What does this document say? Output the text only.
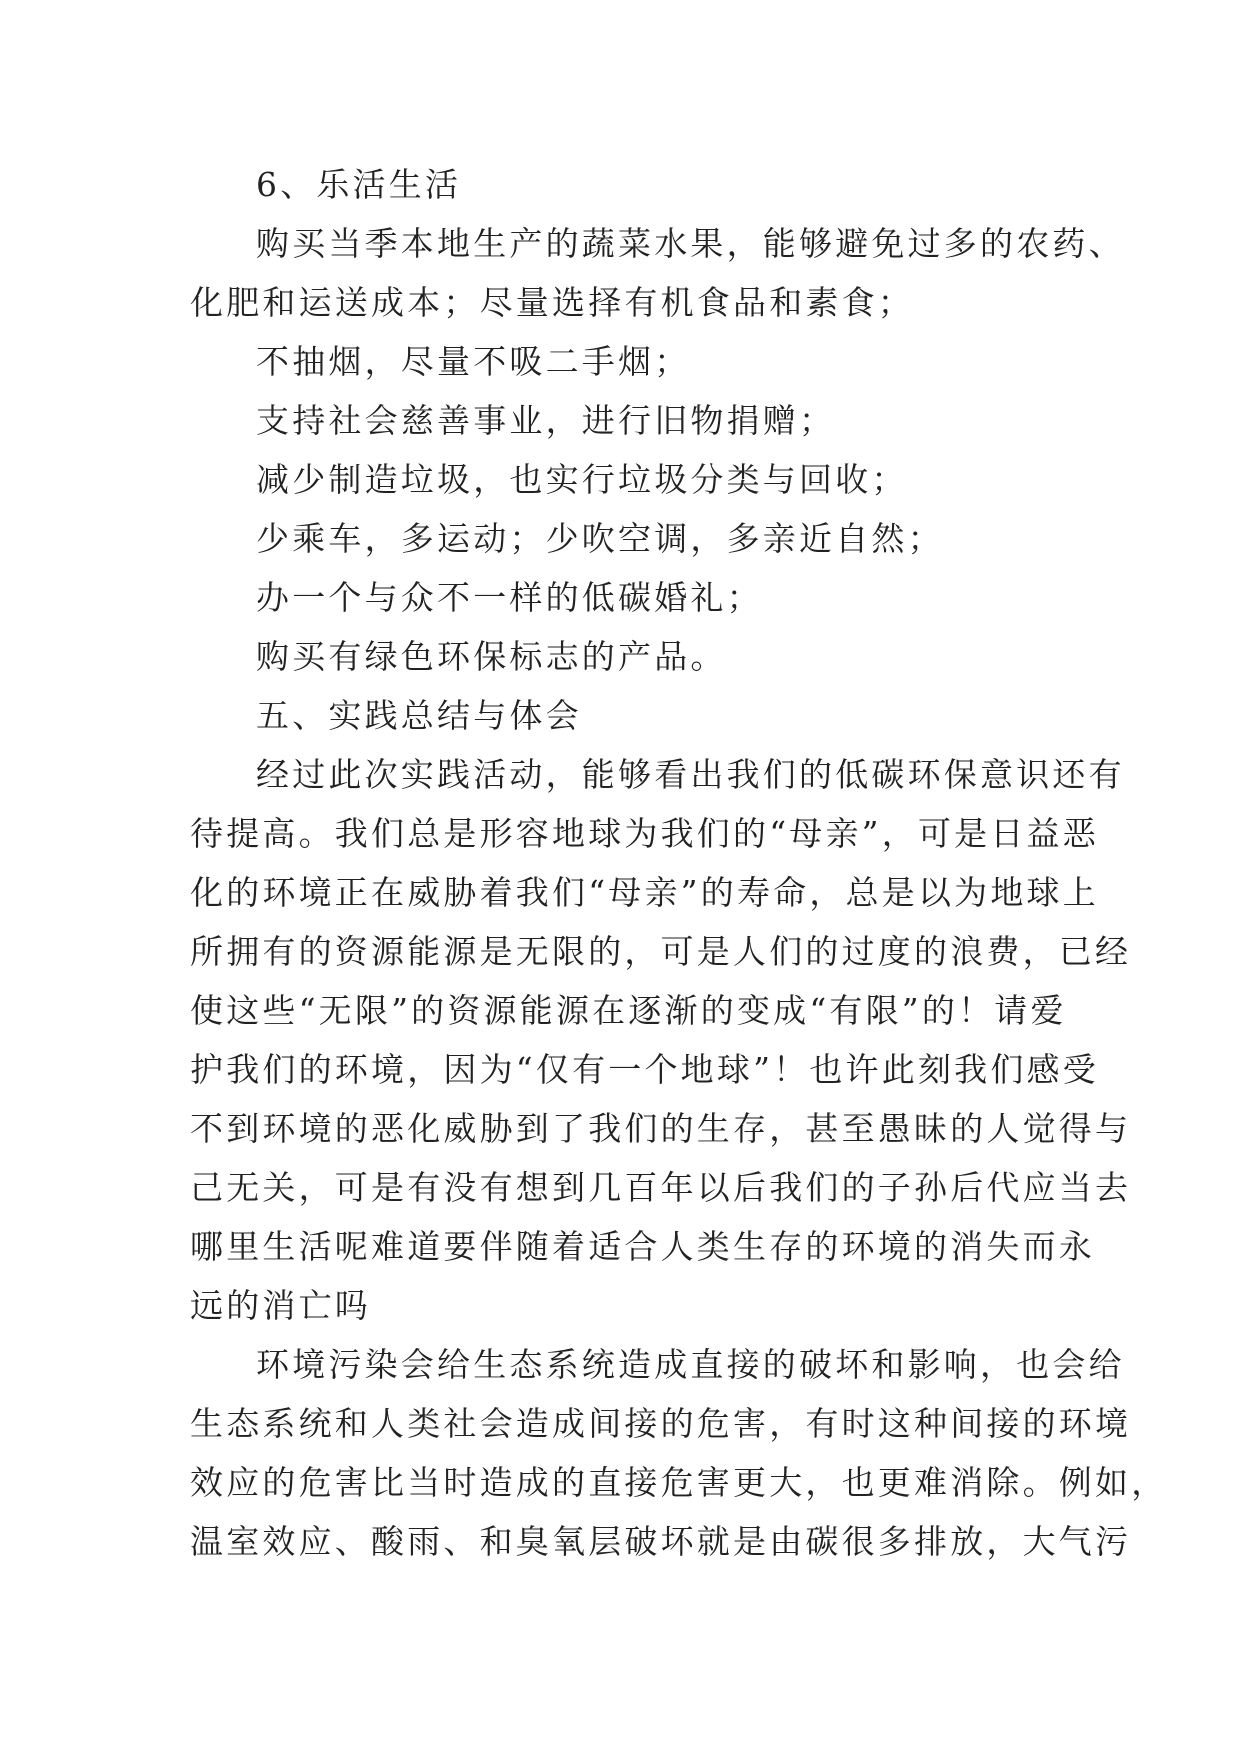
6、乐活生活

购买当季本地生产的蔬菜水果，能够避免过多的农药、

化肥和运送成本；尽量选择有机食品和素食；

不抽烟，尽量不吸二手烟；

支持社会慈善事业，进行旧物捐赠；

减少制造垃圾，也实行垃圾分类与回收；

少乘车，多运动；少吹空调，多亲近自然；

办一个与众不一样的低碳婚礼；

购买有绿色环保标志的产品。

五、实践总结与体会

经过此次实践活动，能够看出我们的低碳环保意识还有

待提高。我们总是形容地球为我们的“母亲”，可是日益恶

化的环境正在威胁着我们“母亲”的寿命，总是以为地球上

所拥有的资源能源是无限的，可是人们的过度的浪费，已经

使这些“无限”的资源能源在逐渐的变成“有限”的！请爱

护我们的环境，因为“仅有一个地球”！也许此刻我们感受

不到环境的恶化威胁到了我们的生存，甚至愚昧的人觉得与

己无关，可是有没有想到几百年以后我们的子孙后代应当去

哪里生活呢难道要伴随着适合人类生存的环境的消失而永

远的消亡吗

环境污染会给生态系统造成直接的破坏和影响，也会给

生态系统和人类社会造成间接的危害，有时这种间接的环境

效应的危害比当时造成的直接危害更大，也更难消除。例如，

温室效应、酸雨、和臭氧层破坏就是由碳很多排放，大气污
